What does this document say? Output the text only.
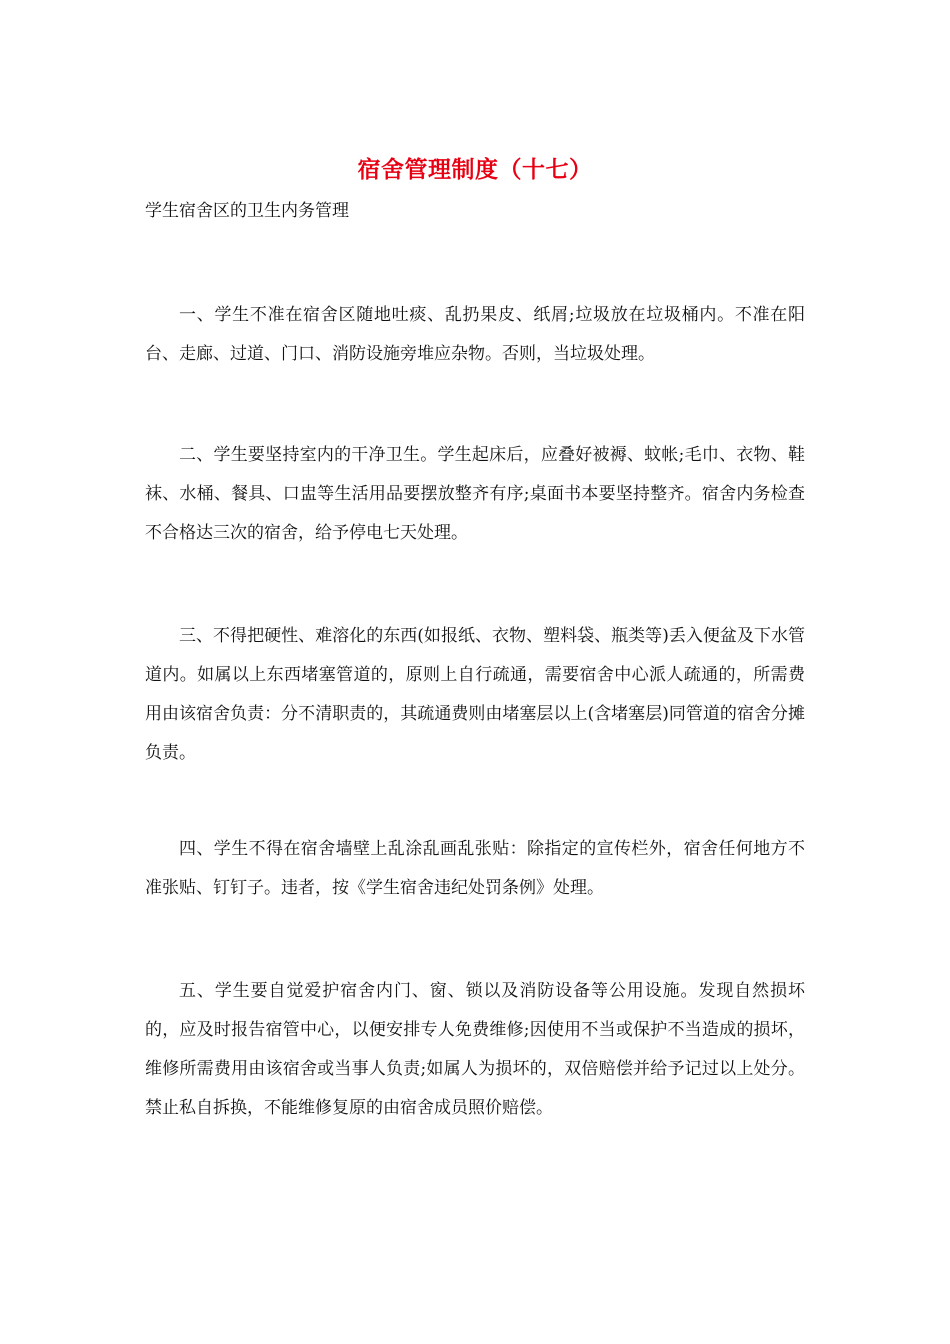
宿舍管理制度（十七）
学生宿舍区的卫生内务管理

一、学生不准在宿舍区随地吐痰、乱扔果皮、纸屑;垃圾放在垃圾桶内。不准在阳台、走廊、过道、门口、消防设施旁堆应杂物。否则，当垃圾处理。

二、学生要坚持室内的干净卫生。学生起床后，应叠好被褥、蚊帐;毛巾、衣物、鞋袜、水桶、餐具、口盅等生活用品要摆放整齐有序;桌面书本要坚持整齐。宿舍内务检查不合格达三次的宿舍，给予停电七天处理。

三、不得把硬性、难溶化的东西(如报纸、衣物、塑料袋、瓶类等)丢入便盆及下水管道内。如属以上东西堵塞管道的，原则上自行疏通，需要宿舍中心派人疏通的，所需费用由该宿舍负责：分不清职责的，其疏通费则由堵塞层以上(含堵塞层)同管道的宿舍分摊负责。

四、学生不得在宿舍墙壁上乱涂乱画乱张贴：除指定的宣传栏外，宿舍任何地方不准张贴、钉钉子。违者，按《学生宿舍违纪处罚条例》处理。

五、学生要自觉爱护宿舍内门、窗、锁以及消防设备等公用设施。发现自然损坏的，应及时报告宿管中心，以便安排专人免费维修;因使用不当或保护不当造成的损坏，维修所需费用由该宿舍或当事人负责;如属人为损坏的，双倍赔偿并给予记过以上处分。禁止私自拆换，不能维修复原的由宿舍成员照价赔偿。
